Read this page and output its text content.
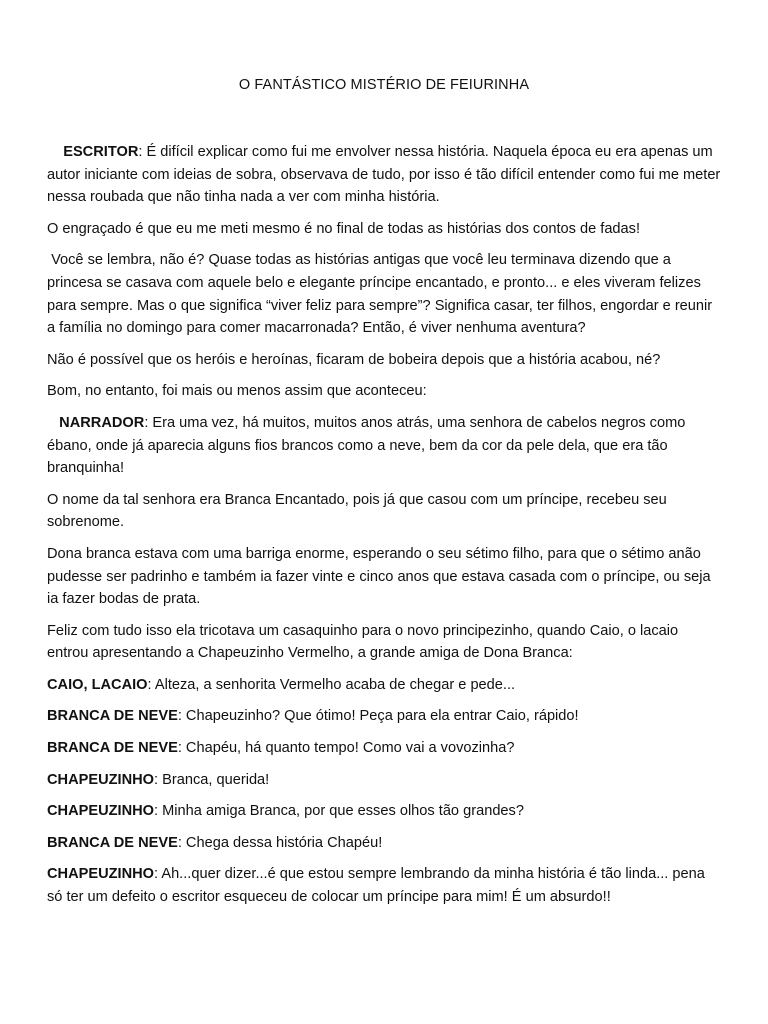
O FANTÁSTICO MISTÉRIO DE FEIURINHA

ESCRITOR: É difícil explicar como fui me envolver nessa história. Naquela época eu era apenas um autor iniciante com ideias de sobra, observava de tudo, por isso é tão difícil entender como fui me meter nessa roubada que não tinha nada a ver com minha história.

O engraçado é que eu me meti mesmo é no final de todas as histórias dos contos de fadas!

Você se lembra, não é? Quase todas as histórias antigas que você leu terminava dizendo que a princesa se casava com aquele belo e elegante príncipe encantado, e pronto... e eles viveram felizes para sempre. Mas o que significa “viver feliz para sempre”? Significa casar, ter filhos, engordar e reunir a família no domingo para comer macarronada? Então, é viver nenhuma aventura?

Não é possível que os heróis e heroínas, ficaram de bobeira depois que a história acabou, né?

Bom, no entanto, foi mais ou menos assim que aconteceu:

NARRADOR: Era uma vez, há muitos, muitos anos atrás, uma senhora de cabelos negros como ébano, onde já aparecia alguns fios brancos como a neve, bem da cor da pele dela, que era tão branquinha!

O nome da tal senhora era Branca Encantado, pois já que casou com um príncipe, recebeu seu sobrenome.

Dona branca estava com uma barriga enorme, esperando o seu sétimo filho, para que o sétimo anão pudesse ser padrinho e também ia fazer vinte e cinco anos que estava casada com o príncipe, ou seja ia fazer bodas de prata.

Feliz com tudo isso ela tricotava um casaquinho para o novo principezinho, quando Caio, o lacaio entrou apresentando a Chapeuzinho Vermelho, a grande amiga de Dona Branca:

CAIO, LACAIO: Alteza, a senhorita Vermelho acaba de chegar e pede...

BRANCA DE NEVE: Chapeuzinho? Que ótimo! Peça para ela entrar Caio, rápido!

BRANCA DE NEVE: Chapéu, há quanto tempo! Como vai a vovozinha?

CHAPEUZINHO: Branca, querida!

CHAPEUZINHO: Minha amiga Branca, por que esses olhos tão grandes?

BRANCA DE NEVE: Chega dessa história Chapéu!

CHAPEUZINHO: Ah...quer dizer...é que estou sempre lembrando da minha história é tão linda... pena só ter um defeito o escritor esqueceu de colocar um príncipe para mim! É um absurdo!!
